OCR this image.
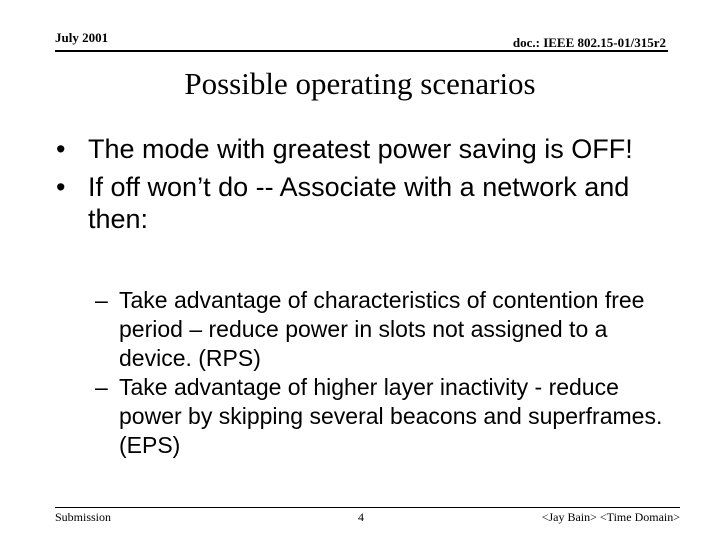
July 2001	doc.: IEEE 802.15-01/315r2
Possible operating scenarios
• The mode with greatest power saving is OFF!
• If off won’t do -- Associate with a network and then:
– Take advantage of characteristics of contention free period – reduce power in slots not assigned to a device. (RPS)
– Take advantage of higher layer inactivity - reduce power by skipping several beacons and superframes. (EPS)
Submission	4	<Jay Bain> <Time Domain>
